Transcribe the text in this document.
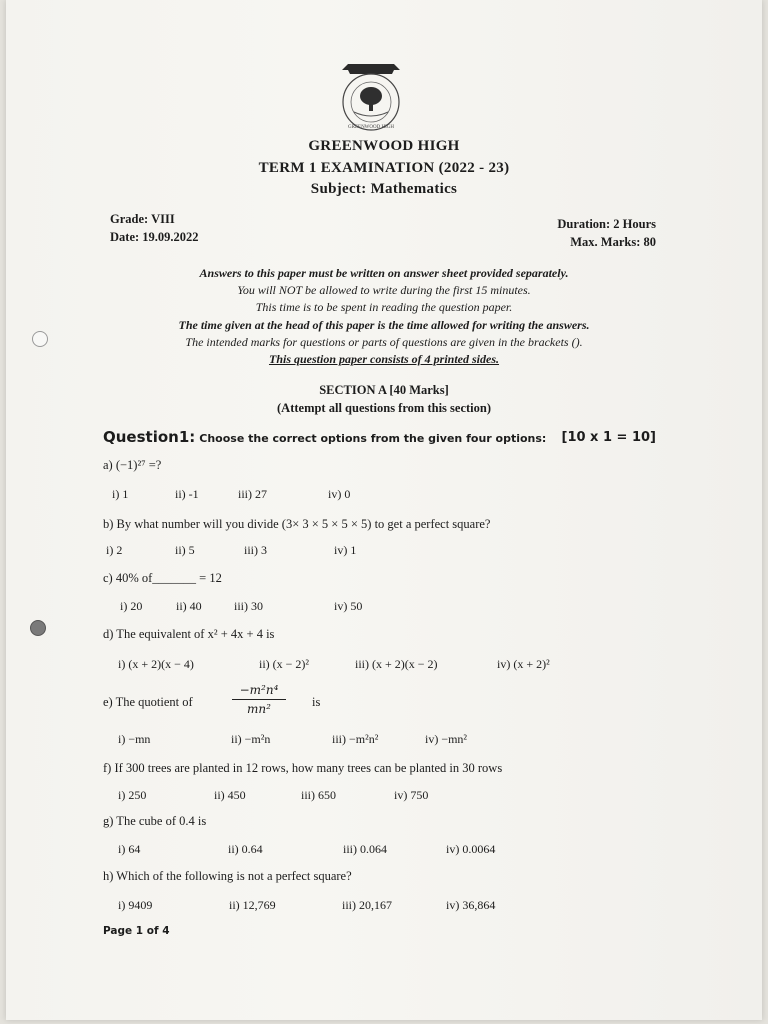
GREENWOOD HIGH
GREENWOOD HIGH
TERM 1 EXAMINATION (2022 - 23)
Subject: Mathematics
Grade: VIII
Date: 19.09.2022
Duration: 2 Hours
Max. Marks: 80
Answers to this paper must be written on answer sheet provided separately.
You will NOT be allowed to write during the first 15 minutes.
This time is to be spent in reading the question paper.
The time given at the head of this paper is the time allowed for writing the answers.
The intended marks for questions or parts of questions are given in the brackets ().
This question paper consists of 4 printed sides.
SECTION A [40 Marks]
(Attempt all questions from this section)
Question1: Choose the correct options from the given four options: [10 x 1 = 10]
a) (−1)²⁷ =?
i) 1	ii) -1	iii) 27	iv) 0
b) By what number will you divide (3× 3 × 5 × 5 × 5) to get a perfect square?
i) 2	ii) 5	iii) 3	iv) 1
c) 40% of_______ = 12
i) 20	ii) 40	iii) 30	iv) 50
d) The equivalent of x² + 4x + 4 is
i) (x + 2)(x − 4)	ii) (x − 2)²	iii) (x + 2)(x − 2)	iv) (x + 2)²
e) The quotient of	$\frac{\text{−m²n⁴}}{\text{mn²}}$ is
i) −mn	ii) −m²n	iii) −m²n²	iv) −mn²
f) If 300 trees are planted in 12 rows, how many trees can be planted in 30 rows
i) 250	ii) 450	iii) 650	iv) 750
g) The cube of 0.4 is
i) 64	ii) 0.64	iii) 0.064	iv) 0.0064
h) Which of the following is not a perfect square?
i) 9409	ii) 12,769	iii) 20,167	iv) 36,864
Page 1 of 4
